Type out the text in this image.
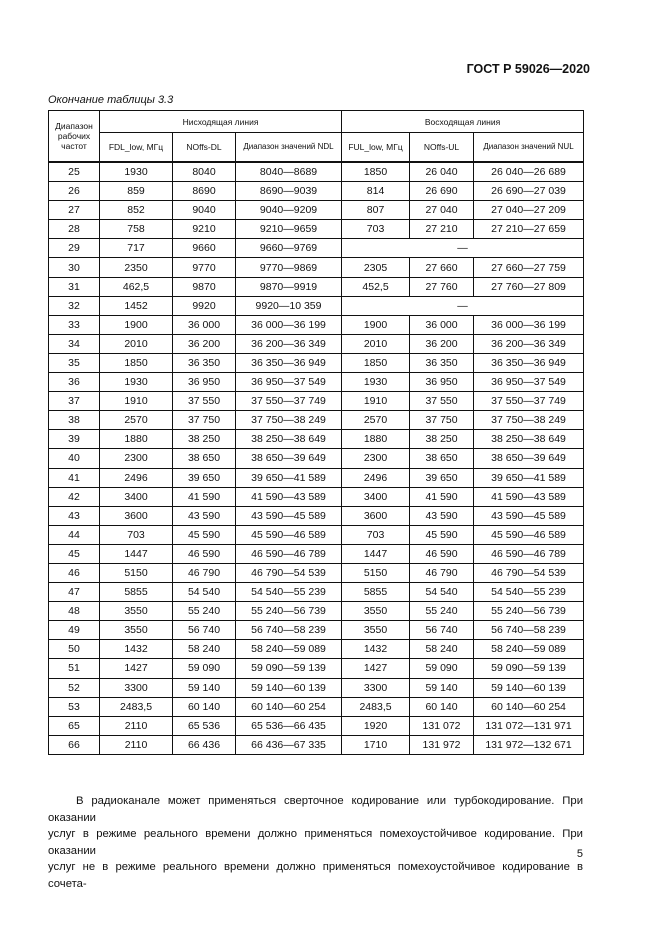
ГОСТ Р 59026—2020
Окончание таблицы 3.3
Диапазон рабочих частот	Нисходящая линия			Восходящая линия		
	FDL_low, МГц	NOffs-DL	Диапазон значений NDL	FUL_low, МГц	NOffs-UL	Диапазон значений NUL
25	1930	8040	8040—8689	1850	26 040	26 040—26 689
26	859	8690	8690—9039	814	26 690	26 690—27 039
27	852	9040	9040—9209	807	27 040	27 040—27 209
28	758	9210	9210—9659	703	27 210	27 210—27 659
29	717	9660	9660—9769	—		
30	2350	9770	9770—9869	2305	27 660	27 660—27 759
31	462,5	9870	9870—9919	452,5	27 760	27 760—27 809
32	1452	9920	9920—10 359	—		
33	1900	36 000	36 000—36 199	1900	36 000	36 000—36 199
34	2010	36 200	36 200—36 349	2010	36 200	36 200—36 349
35	1850	36 350	36 350—36 949	1850	36 350	36 350—36 949
36	1930	36 950	36 950—37 549	1930	36 950	36 950—37 549
37	1910	37 550	37 550—37 749	1910	37 550	37 550—37 749
38	2570	37 750	37 750—38 249	2570	37 750	37 750—38 249
39	1880	38 250	38 250—38 649	1880	38 250	38 250—38 649
40	2300	38 650	38 650—39 649	2300	38 650	38 650—39 649
41	2496	39 650	39 650—41 589	2496	39 650	39 650—41 589
42	3400	41 590	41 590—43 589	3400	41 590	41 590—43 589
43	3600	43 590	43 590—45 589	3600	43 590	43 590—45 589
44	703	45 590	45 590—46 589	703	45 590	45 590—46 589
45	1447	46 590	46 590—46 789	1447	46 590	46 590—46 789
46	5150	46 790	46 790—54 539	5150	46 790	46 790—54 539
47	5855	54 540	54 540—55 239	5855	54 540	54 540—55 239
48	3550	55 240	55 240—56 739	3550	55 240	55 240—56 739
49	3550	56 740	56 740—58 239	3550	56 740	56 740—58 239
50	1432	58 240	58 240—59 089	1432	58 240	58 240—59 089
51	1427	59 090	59 090—59 139	1427	59 090	59 090—59 139
52	3300	59 140	59 140—60 139	3300	59 140	59 140—60 139
53	2483,5	60 140	60 140—60 254	2483,5	60 140	60 140—60 254
65	2110	65 536	65 536—66 435	1920	131 072	131 072—131 971
66	2110	66 436	66 436—67 335	1710	131 972	131 972—132 671

В радиоканале может применяться сверточное кодирование или турбокодирование. При оказании
услуг в режиме реального времени должно применяться помехоустойчивое кодирование. При оказании
услуг не в режиме реального времени должно применяться помехоустойчивое кодирование в сочета-

5
